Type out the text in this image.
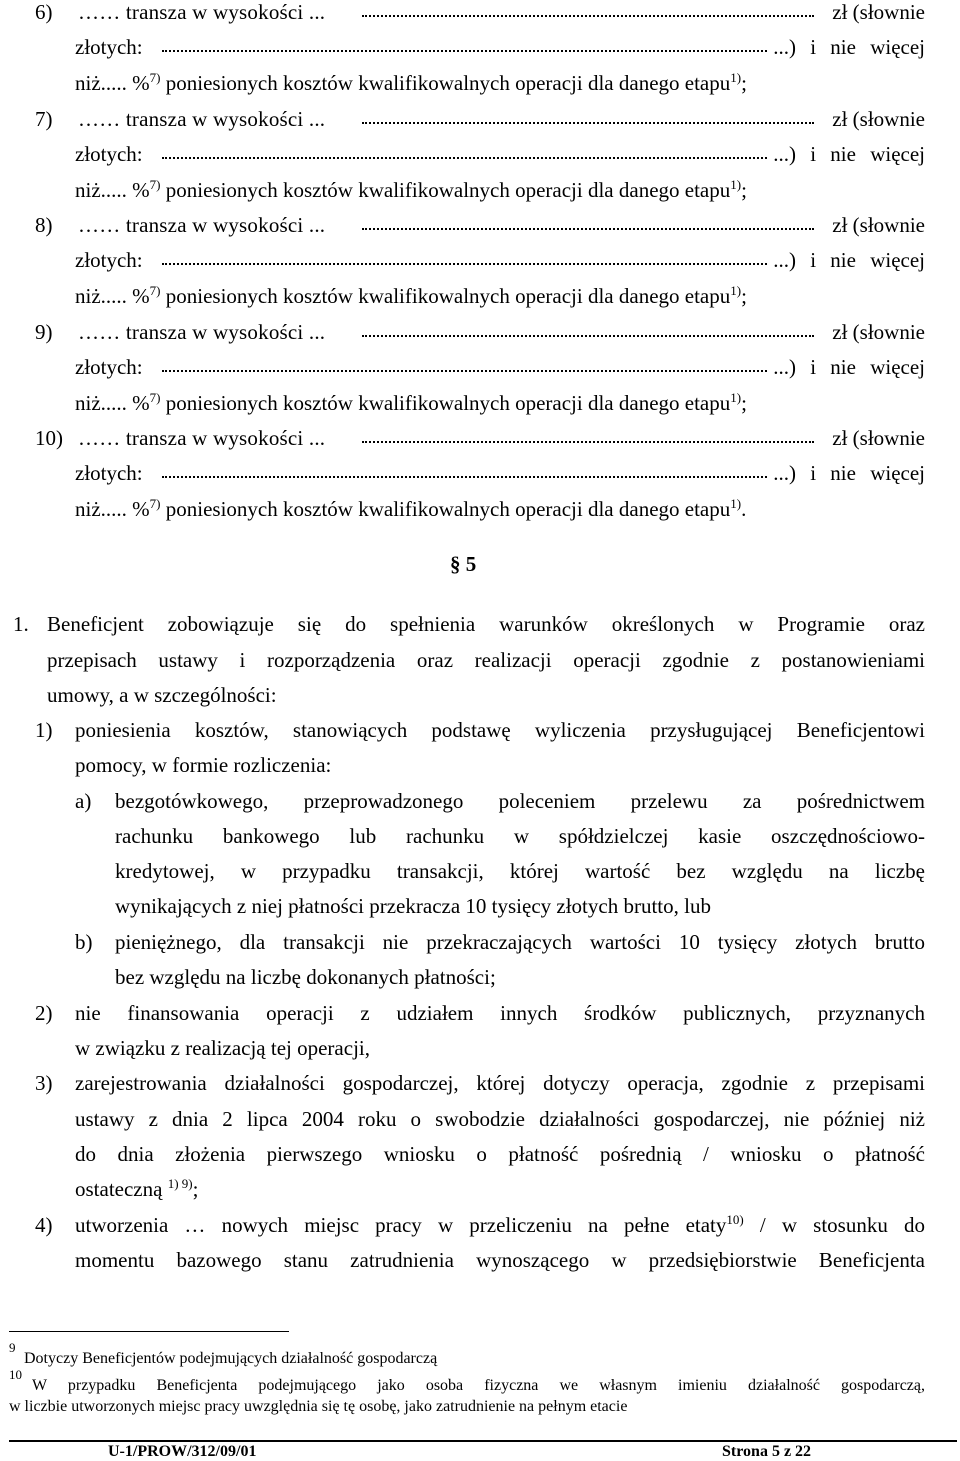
6) …… transza w wysokości ...	zł (słownie
złotych:	...) i nie więcej
niż..... %$^{7)}$ poniesionych kosztów kwalifikowalnych operacji dla danego etapu$^{1)}$;
7) …… transza w wysokości ...	zł (słownie
złotych:	...) i nie więcej
niż..... %$^{7)}$ poniesionych kosztów kwalifikowalnych operacji dla danego etapu$^{1)}$;
8) …… transza w wysokości ...	zł (słownie
złotych:	...) i nie więcej
niż..... %$^{7)}$ poniesionych kosztów kwalifikowalnych operacji dla danego etapu$^{1)}$;
9) …… transza w wysokości ...	zł (słownie
złotych:	...) i nie więcej
niż..... %$^{7)}$ poniesionych kosztów kwalifikowalnych operacji dla danego etapu$^{1)}$;
10) …… transza w wysokości ...	zł (słownie
złotych:	...) i nie więcej
niż..... %$^{7)}$ poniesionych kosztów kwalifikowalnych operacji dla danego etapu$^{1)}$.
§ 5
1. Beneficjent zobowiązuje się do spełnienia warunków określonych w Programie oraz
przepisach ustawy i rozporządzenia oraz realizacji operacji zgodnie z postanowieniami
umowy, a w szczególności:
1) poniesienia kosztów, stanowiących podstawę wyliczenia przysługującej Beneficjentowi
pomocy, w formie rozliczenia:
a) bezgotówkowego, przeprowadzonego poleceniem przelewu za pośrednictwem
rachunku bankowego lub rachunku w spółdzielczej kasie oszczędnościowo-
kredytowej, w przypadku transakcji, której wartość bez względu na liczbę
wynikających z niej płatności przekracza 10 tysięcy złotych brutto, lub
b) pieniężnego, dla transakcji nie przekraczających wartości 10 tysięcy złotych brutto
bez względu na liczbę dokonanych płatności;
2) nie finansowania operacji z udziałem innych środków publicznych, przyznanych
w związku z realizacją tej operacji,
3) zarejestrowania działalności gospodarczej, której dotyczy operacja, zgodnie z przepisami
ustawy z dnia 2 lipca 2004 roku o swobodzie działalności gospodarczej, nie później niż
do dnia złożenia pierwszego wniosku o płatność pośrednią / wniosku o płatność
ostateczną $^{1) 9)}$;
4) utworzenia … nowych miejsc pracy w przeliczeniu na pełne etaty$^{10)}$ / w stosunku do
momentu bazowego stanu zatrudnienia wynoszącego w przedsiębiorstwie Beneficjenta
9
Dotyczy Beneficjentów podejmujących działalność gospodarczą
10
W przypadku Beneficjenta podejmującego jako osoba fizyczna we własnym imieniu działalność gospodarczą,
w liczbie utworzonych miejsc pracy uwzględnia się tę osobę, jako zatrudnienie na pełnym etacie
U-1/PROW/312/09/01	Strona 5 z 22
